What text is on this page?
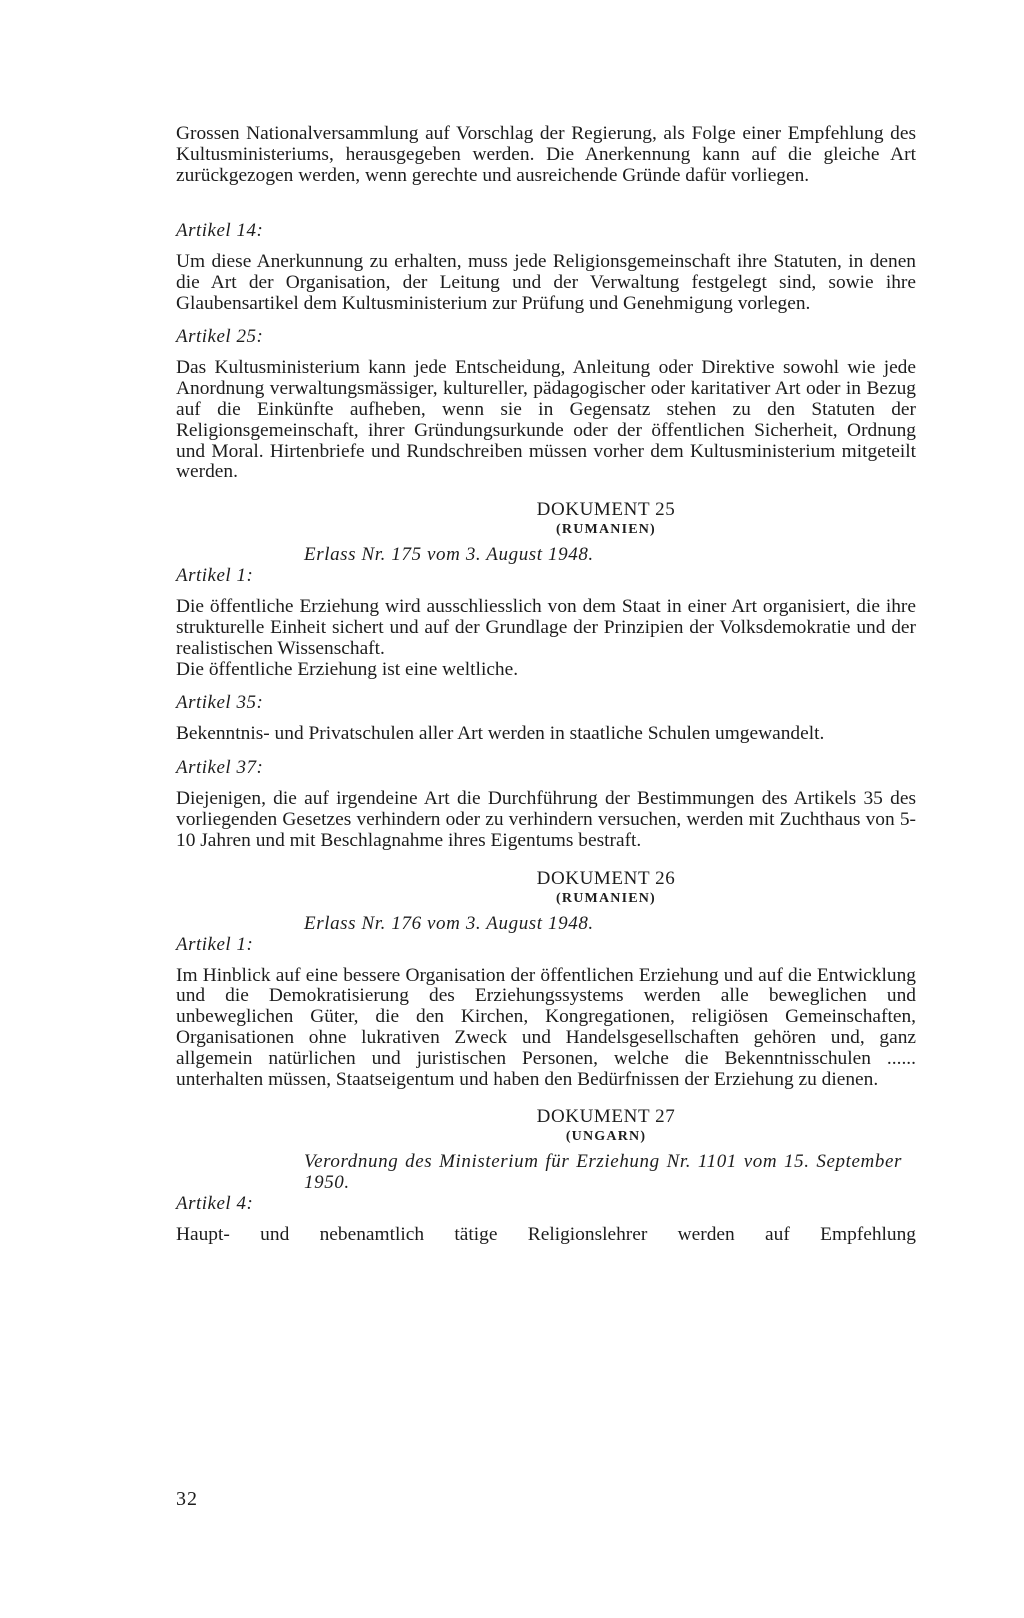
Grossen Nationalversammlung auf Vorschlag der Regierung, als Folge einer Empfehlung des Kultusministeriums, herausgegeben werden. Die Anerkennung kann auf die gleiche Art zurückgezogen werden, wenn gerechte und ausreichende Gründe dafür vorliegen.

Artikel 14:

Um diese Anerkunnung zu erhalten, muss jede Religionsgemeinschaft ihre Statuten, in denen die Art der Organisation, der Leitung und der Verwaltung festgelegt sind, sowie ihre Glaubensartikel dem Kultusministerium zur Prüfung und Genehmigung vorlegen.

Artikel 25:

Das Kultusministerium kann jede Entscheidung, Anleitung oder Direktive sowohl wie jede Anordnung verwaltungsmässiger, kultureller, pädagogischer oder karitativer Art oder in Bezug auf die Einkünfte aufheben, wenn sie in Gegensatz stehen zu den Statuten der Religionsgemeinschaft, ihrer Gründungsurkunde oder der öffentlichen Sicherheit, Ordnung und Moral. Hirtenbriefe und Rundschreiben müssen vorher dem Kultusministerium mitgeteilt werden.

DOKUMENT 25

(RUMANIEN)

Erlass Nr. 175 vom 3. August 1948.

Artikel 1:

Die öffentliche Erziehung wird ausschliesslich von dem Staat in einer Art organisiert, die ihre strukturelle Einheit sichert und auf der Grundlage der Prinzipien der Volksdemokratie und der realistischen Wissenschaft.

Die öffentliche Erziehung ist eine weltliche.

Artikel 35:

Bekenntnis- und Privatschulen aller Art werden in staatliche Schulen umgewandelt.

Artikel 37:

Diejenigen, die auf irgendeine Art die Durchführung der Bestimmungen des Artikels 35 des vorliegenden Gesetzes verhindern oder zu verhindern versuchen, werden mit Zuchthaus von 5-10 Jahren und mit Beschlagnahme ihres Eigentums bestraft.

DOKUMENT 26

(RUMANIEN)

Erlass Nr. 176 vom 3. August 1948.

Artikel 1:

Im Hinblick auf eine bessere Organisation der öffentlichen Erziehung und auf die Entwicklung und die Demokratisierung des Erziehungssystems werden alle beweglichen und unbeweglichen Güter, die den Kirchen, Kongregationen, religiösen Gemeinschaften, Organisationen ohne lukrativen Zweck und Handelsgesellschaften gehören und, ganz allgemein natürlichen und juristischen Personen, welche die Bekenntnisschulen ...... unterhalten müssen, Staatseigentum und haben den Bedürfnissen der Erziehung zu dienen.

DOKUMENT 27

(UNGARN)

Verordnung des Ministerium für Erziehung Nr. 1101 vom 15. September 1950.

Artikel 4:

Haupt- und nebenamtlich tätige Religionslehrer werden auf Empfehlung

32
